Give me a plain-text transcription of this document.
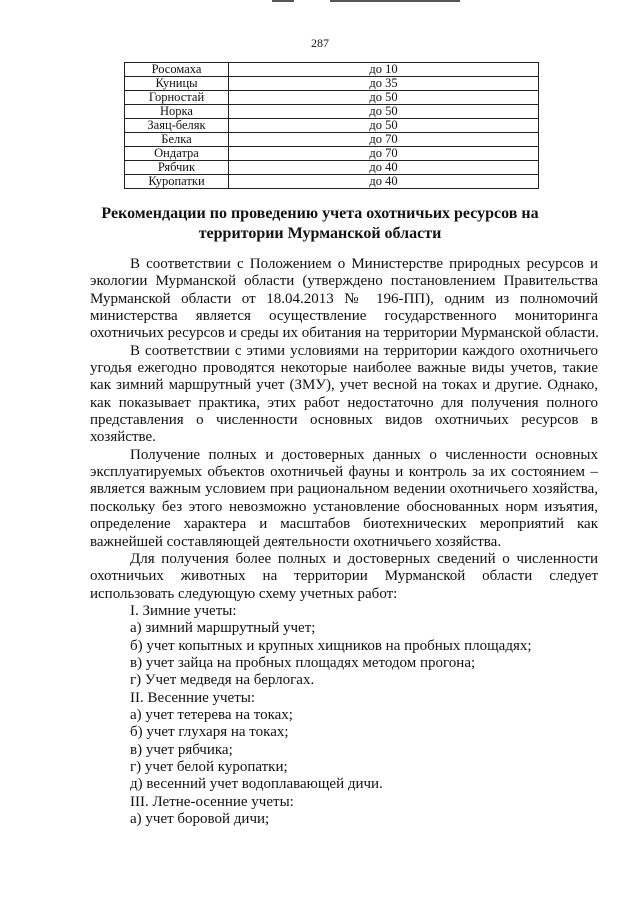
287
Росомаха	до 10
Куницы	до 35
Горностай	до 50
Норка	до 50
Заяц-беляк	до 50
Белка	до 70
Ондатра	до 70
Рябчик	до 40
Куропатки	до 40
Рекомендации по проведению учета охотничьих ресурсов на
территории Мурманской области
В соответствии с Положением о Министерстве природных ресурсов и
экологии Мурманской области (утверждено постановлением Правительства
Мурманской области от 18.04.2013 № 196-ПП), одним из полномочий
министерства является осуществление государственного мониторинга
охотничьих ресурсов и среды их обитания на территории Мурманской области.
В соответствии с этими условиями на территории каждого охотничьего
угодья ежегодно проводятся некоторые наиболее важные виды учетов, такие
как зимний маршрутный учет (ЗМУ), учет весной на токах и другие. Однако,
как показывает практика, этих работ недостаточно для получения полного
представления о численности основных видов охотничьих ресурсов в
хозяйстве.
Получение полных и достоверных данных о численности основных
эксплуатируемых объектов охотничьей фауны и контроль за их состоянием –
является важным условием при рациональном ведении охотничьего хозяйства,
поскольку без этого невозможно установление обоснованных норм изъятия,
определение характера и масштабов биотехнических мероприятий как
важнейшей составляющей деятельности охотничьего хозяйства.
Для получения более полных и достоверных сведений о численности
охотничьих животных на территории Мурманской области следует
использовать следующую схему учетных работ:
I. Зимние учеты:
а) зимний маршрутный учет;
б) учет копытных и крупных хищников на пробных площадях;
в) учет зайца на пробных площадях методом прогона;
г) Учет медведя на берлогах.
II. Весенние учеты:
а) учет тетерева на токах;
б) учет глухаря на токах;
в) учет рябчика;
г) учет белой куропатки;
д) весенний учет водоплавающей дичи.
III. Летне-осенние учеты:
а) учет боровой дичи;
